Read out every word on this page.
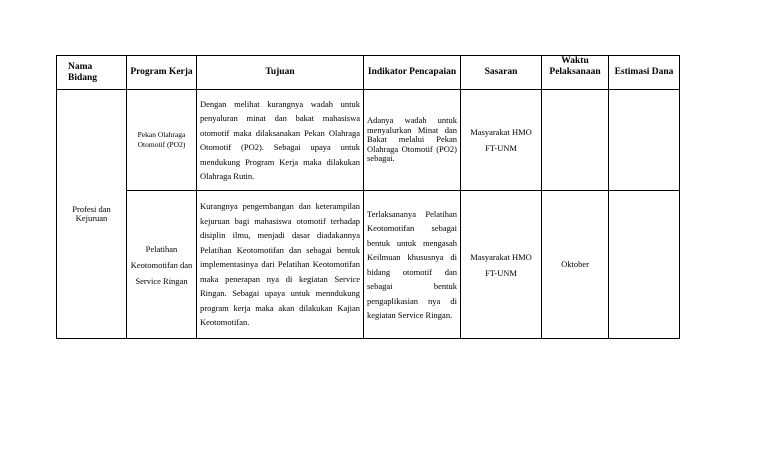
Nama Bidang	Program Kerja	Tujuan	Indikator Pencapaian	Sasaran	Waktu Pelaksanaan	Estimasi Dana
Profesi dan Kejuruan	Pekan Olahraga Otomotif (PO2)	Dengan melihat kurangnya wadah untuk penyaluran minat dan bakat mahasiswa otomotif maka dilaksanakan Pekan Olahraga Otomotif (PO2). Sebagai upaya untuk mendukung Program Kerja maka dilakukan Olahraga Rutin.	Adanya wadah untuk menyalurkan Minat dan Bakat melalui Pekan Olahraga Otomotif (PO2) sebagai.	Masyarakat HMO FT-UNM		
	Pelatihan Keotomotifan dan Service Ringan	Kurangnya pengembangan dan keterampilan kejuruan bagi mahasiswa otomotif terhadap disiplin ilmu, menjadi dasar diadakannya Pelatihan Keotomotifan dan sebagai bentuk implementasinya dari Pelatihan Keotomotifan maka penerapan nya di kegiatan Service Ringan. Sebagai upaya untuk menndukung program kerja maka akan dilakukan Kajian Keotomotifan.	Terlaksananya Pelatihan Keotomotifan sebagai bentuk untuk mengasah Keilmuan khususnya di bidang otomotif dan sebagai bentuk pengaplikasian nya di kegiatan Service Ringan.	Masyarakat HMO FT-UNM	Oktober	
